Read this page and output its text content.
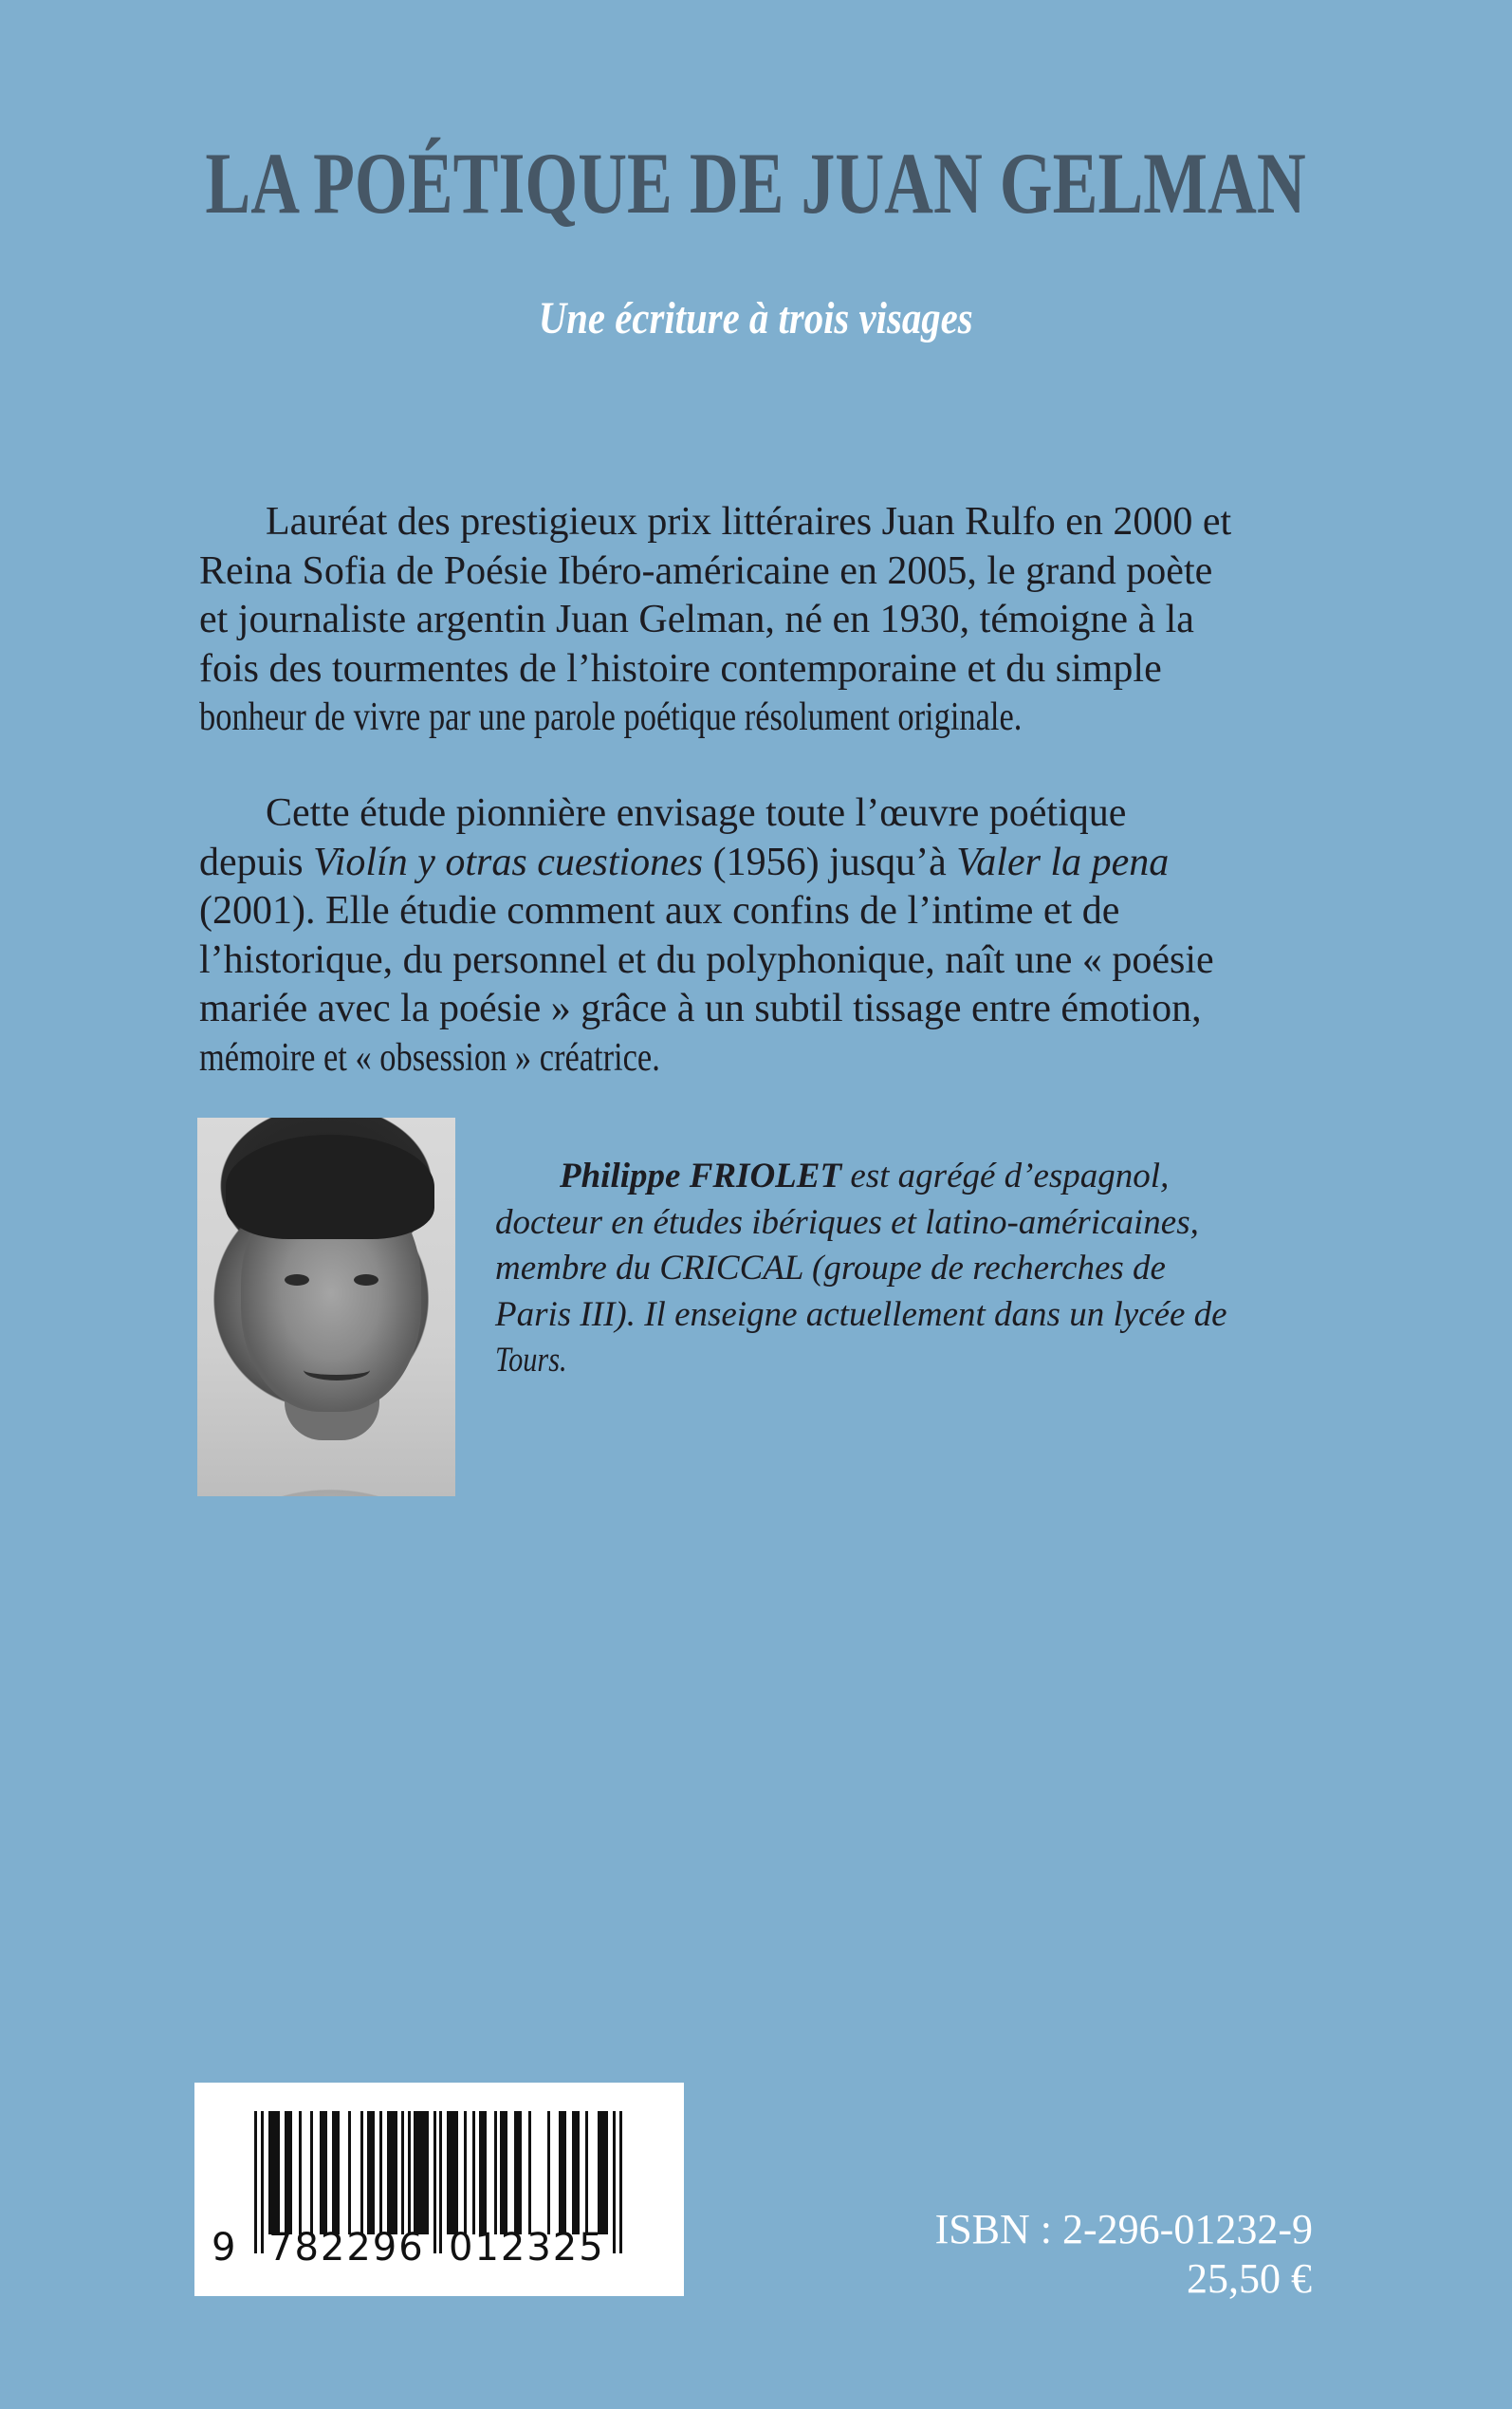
LA POÉTIQUE DE JUAN GELMAN
Une écriture à trois visages
Lauréat des prestigieux prix littéraires Juan Rulfo en 2000 et
Reina Sofia de Poésie Ibéro-américaine en 2005, le grand poète
et journaliste argentin Juan Gelman, né en 1930, témoigne à la
fois des tourmentes de l’histoire contemporaine et du simple
bonheur de vivre par une parole poétique résolument originale.
Cette étude pionnière envisage toute l’œuvre poétique
depuis Violín y otras cuestiones (1956) jusqu’à Valer la pena
(2001). Elle étudie comment aux confins de l’intime et de
l’historique, du personnel et du polyphonique, naît une « poésie
mariée avec la poésie » grâce à un subtil tissage entre émotion,
mémoire et « obsession » créatrice.
Philippe FRIOLET est agrégé d’espagnol,
docteur en études ibériques et latino-américaines,
membre du CRICCAL (groupe de recherches de
Paris III). Il enseigne actuellement dans un lycée de
Tours.
9 782296 012325	ISBN : 2-296-01232-9
25,50 €
